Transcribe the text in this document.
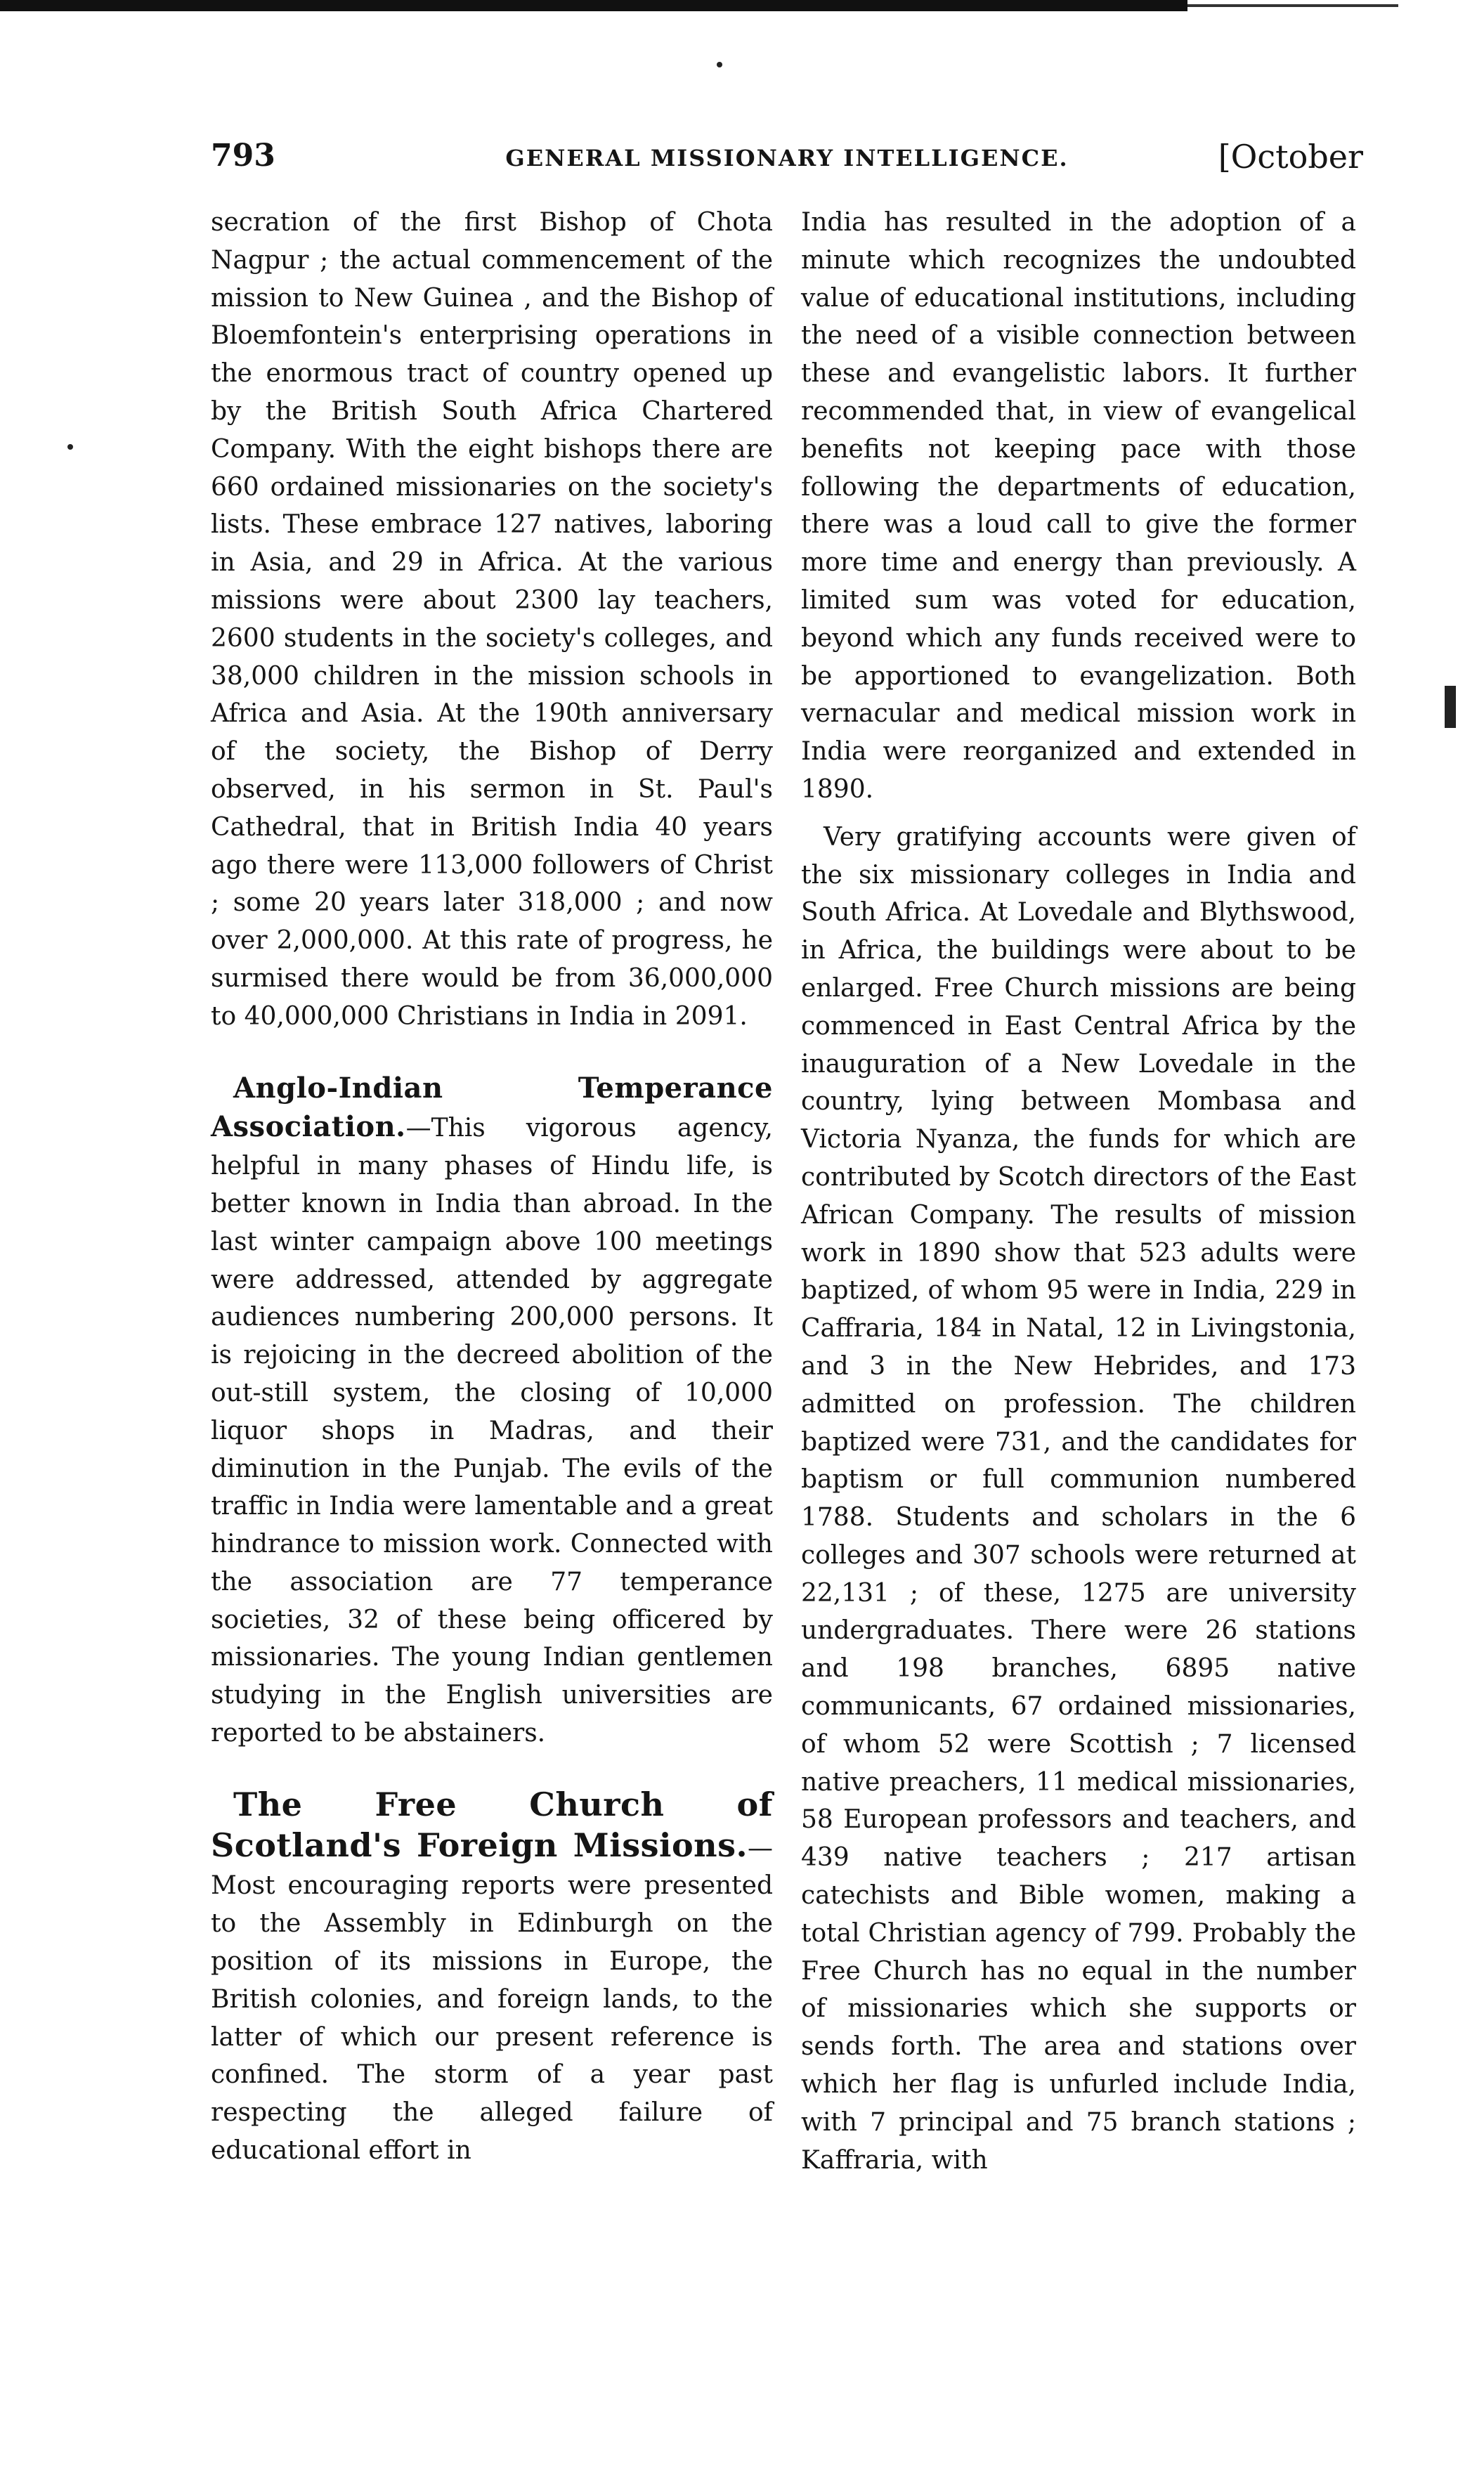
793	GENERAL MISSIONARY INTELLIGENCE.	[October

secration of the first Bishop of Chota Nagpur ; the actual commencement of the mission to New Guinea , and the Bishop of Bloemfontein's enterprising operations in the enormous tract of country opened up by the British South Africa Chartered Company. With the eight bishops there are 660 ordained missionaries on the society's lists. These embrace 127 natives, laboring in Asia, and 29 in Africa. At the various missions were about 2300 lay teachers, 2600 students in the society's colleges, and 38,000 children in the mission schools in Africa and Asia. At the 190th anniversary of the society, the Bishop of Derry observed, in his sermon in St. Paul's Cathedral, that in British India 40 years ago there were 113,000 followers of Christ ; some 20 years later 318,000 ; and now over 2,000,000. At this rate of progress, he surmised there would be from 36,000,000 to 40,000,000 Christians in India in 2091.

Anglo-Indian Temperance Association.—This vigorous agency, helpful in many phases of Hindu life, is better known in India than abroad. In the last winter campaign above 100 meetings were addressed, attended by aggregate audiences numbering 200,000 persons. It is rejoicing in the decreed abolition of the out-still system, the closing of 10,000 liquor shops in Madras, and their diminution in the Punjab. The evils of the traffic in India were lamentable and a great hindrance to mission work. Connected with the association are 77 temperance societies, 32 of these being officered by missionaries. The young Indian gentlemen studying in the English universities are reported to be abstainers.

The Free Church of Scotland's Foreign Missions.—Most encouraging reports were presented to the Assembly in Edinburgh on the position of its missions in Europe, the British colonies, and foreign lands, to the latter of which our present reference is confined. The storm of a year past respecting the alleged failure of educational effort in

India has resulted in the adoption of a minute which recognizes the undoubted value of educational institutions, including the need of a visible connection between these and evangelistic labors. It further recommended that, in view of evangelical benefits not keeping pace with those following the departments of education, there was a loud call to give the former more time and energy than previously. A limited sum was voted for education, beyond which any funds received were to be apportioned to evangelization. Both vernacular and medical mission work in India were reorganized and extended in 1890.

Very gratifying accounts were given of the six missionary colleges in India and South Africa. At Lovedale and Blythswood, in Africa, the buildings were about to be enlarged. Free Church missions are being commenced in East Central Africa by the inauguration of a New Lovedale in the country, lying between Mombasa and Victoria Nyanza, the funds for which are contributed by Scotch directors of the East African Company. The results of mission work in 1890 show that 523 adults were baptized, of whom 95 were in India, 229 in Caffraria, 184 in Natal, 12 in Livingstonia, and 3 in the New Hebrides, and 173 admitted on profession. The children baptized were 731, and the candidates for baptism or full communion numbered 1788. Students and scholars in the 6 colleges and 307 schools were returned at 22,131 ; of these, 1275 are university undergraduates. There were 26 stations and 198 branches, 6895 native communicants, 67 ordained missionaries, of whom 52 were Scottish ; 7 licensed native preachers, 11 medical missionaries, 58 European professors and teachers, and 439 native teachers ; 217 artisan catechists and Bible women, making a total Christian agency of 799. Probably the Free Church has no equal in the number of missionaries which she supports or sends forth. The area and stations over which her flag is unfurled include India, with 7 principal and 75 branch stations ; Kaffraria, with
